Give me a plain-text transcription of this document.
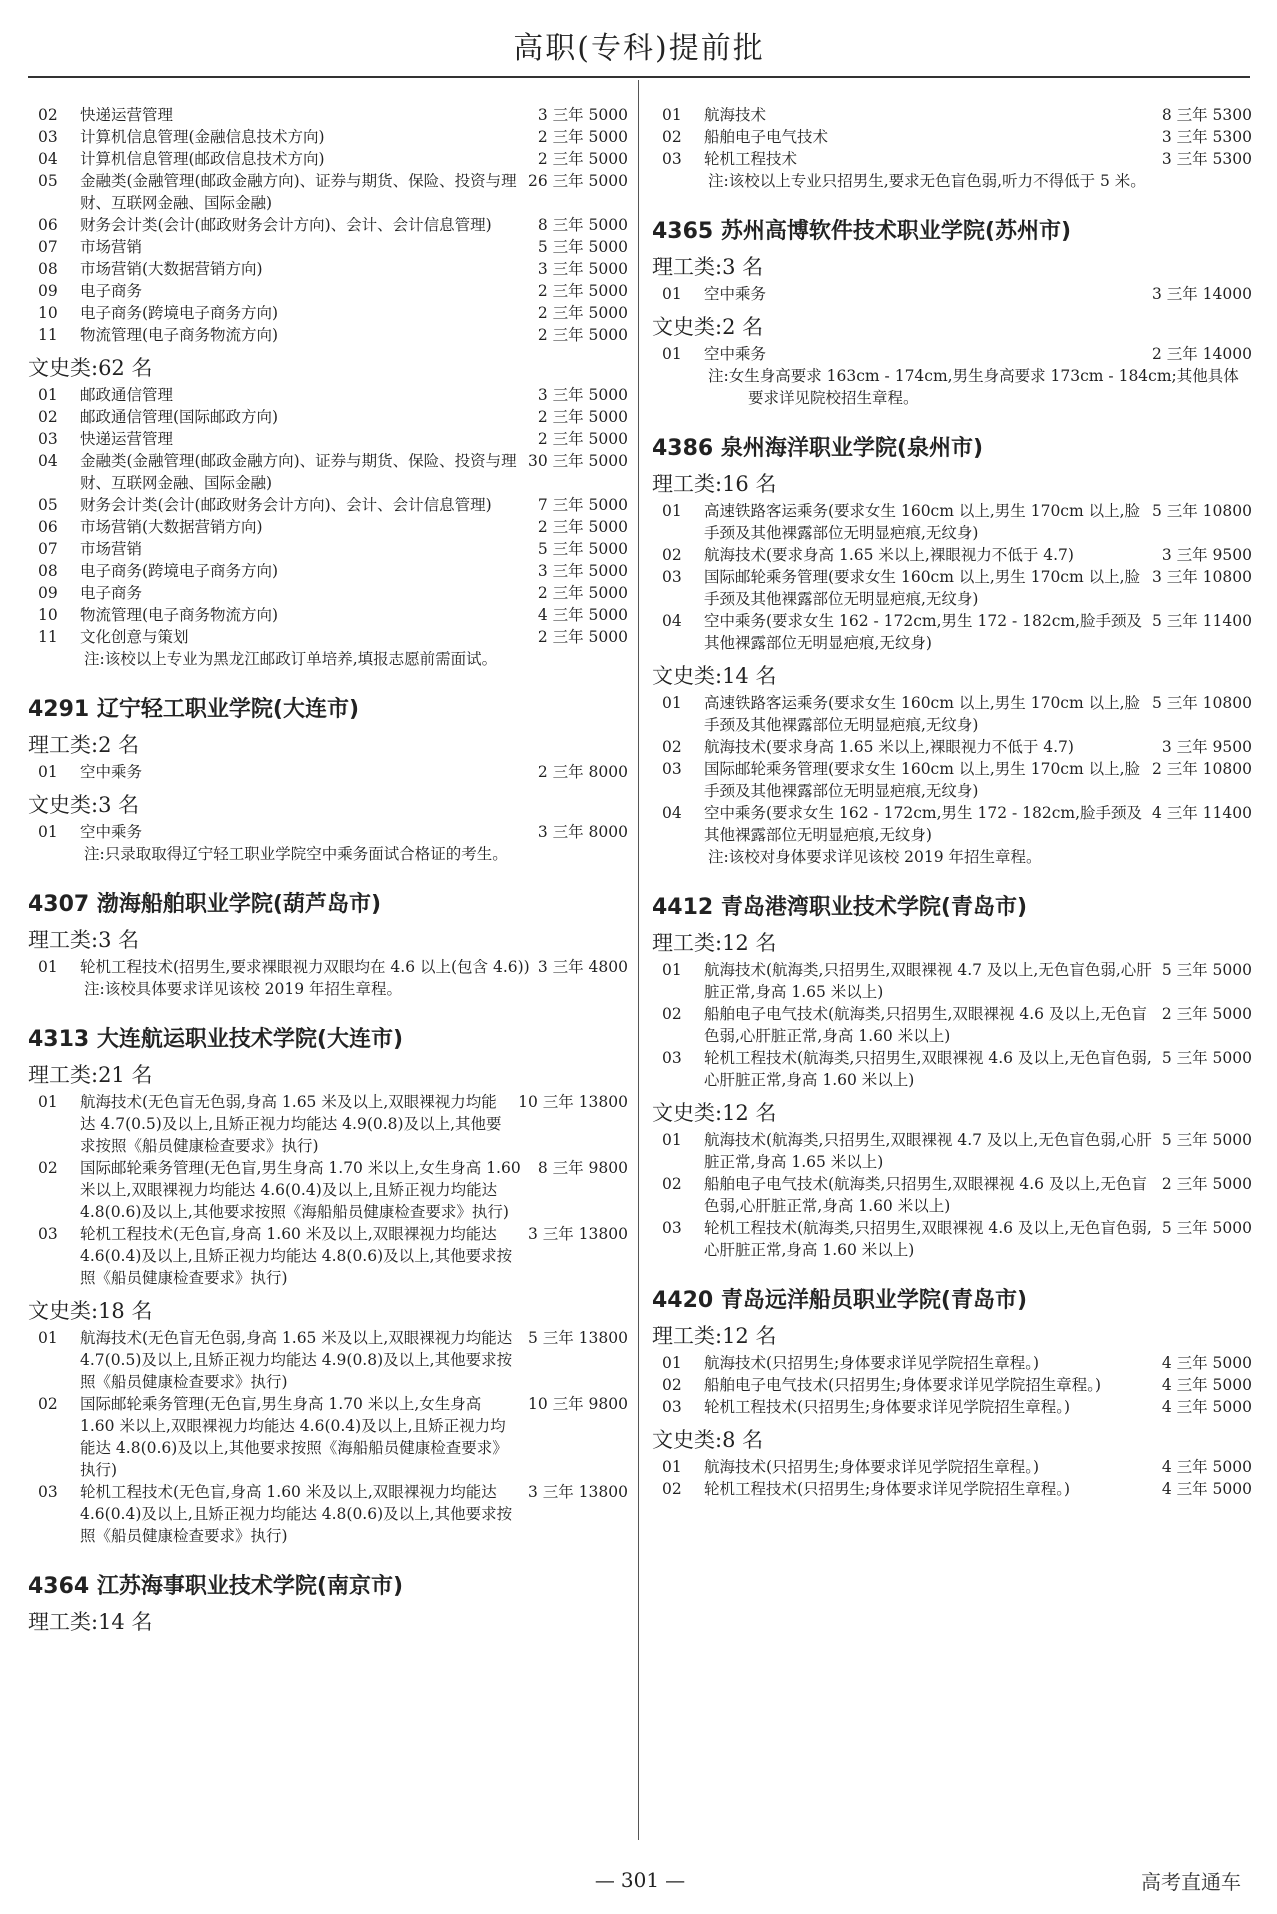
高职(专科)提前批
02	快递运营管理	3 三年 5000
03	计算机信息管理(金融信息技术方向)	2 三年 5000
04	计算机信息管理(邮政信息技术方向)	2 三年 5000
05	金融类(金融管理(邮政金融方向)、证券与期货、保险、投资与理财、互联网金融、国际金融)
26 三年 5000
06	财务会计类(会计(邮政财务会计方向)、会计、会计信息管理)	8 三年 5000
07	市场营销	5 三年 5000
08	市场营销(大数据营销方向)	3 三年 5000
09	电子商务	2 三年 5000
10	电子商务(跨境电子商务方向)	2 三年 5000
11	物流管理(电子商务物流方向)	2 三年 5000
文史类:62 名
01	邮政通信管理	3 三年 5000
02	邮政通信管理(国际邮政方向)	2 三年 5000
03	快递运营管理	2 三年 5000
04	金融类(金融管理(邮政金融方向)、证券与期货、保险、投资与理财、互联网金融、国际金融)
30 三年 5000
05	财务会计类(会计(邮政财务会计方向)、会计、会计信息管理)	7 三年 5000
06	市场营销(大数据营销方向)	2 三年 5000
07	市场营销	5 三年 5000
08	电子商务(跨境电子商务方向)	3 三年 5000
09	电子商务	2 三年 5000
10	物流管理(电子商务物流方向)	4 三年 5000
11	文化创意与策划	2 三年 5000
注:该校以上专业为黑龙江邮政订单培养,填报志愿前需面试。
4291 辽宁轻工职业学院(大连市)
理工类:2 名
01	空中乘务	2 三年 8000
文史类:3 名
01	空中乘务	3 三年 8000
注:只录取取得辽宁轻工职业学院空中乘务面试合格证的考生。
4307 渤海船舶职业学院(葫芦岛市)
理工类:3 名
01	轮机工程技术(招男生,要求裸眼视力双眼均在 4.6 以上(包含 4.6)) 3 三年 4800
注:该校具体要求详见该校 2019 年招生章程。
4313 大连航运职业技术学院(大连市)
理工类:21 名
01	航海技术(无色盲无色弱,身高 1.65 米及以上,双眼裸视力均能达 4.7(0.5)及以上,且矫正视力均能达 4.9(0.8)及以上,其他要求按照《船员健康检查要求》执行)
10 三年 13800
02	国际邮轮乘务管理(无色盲,男生身高 1.70 米以上,女生身高 1.60 米以上,双眼裸视力均能达 4.6(0.4)及以上,且矫正视力均能达 4.8(0.6)及以上,其他要求按照《海船船员健康检查要求》执行)
8 三年 9800
03	轮机工程技术(无色盲,身高 1.60 米及以上,双眼裸视力均能达 4.6(0.4)及以上,且矫正视力均能达 4.8(0.6)及以上,其他要求按照《船员健康检查要求》执行)
3 三年 13800
文史类:18 名
01	航海技术(无色盲无色弱,身高 1.65 米及以上,双眼裸视力均能达 4.7(0.5)及以上,且矫正视力均能达 4.9(0.8)及以上,其他要求按照《船员健康检查要求》执行)
5 三年 13800
02	国际邮轮乘务管理(无色盲,男生身高 1.70 米以上,女生身高 1.60 米以上,双眼裸视力均能达 4.6(0.4)及以上,且矫正视力均能达 4.8(0.6)及以上,其他要求按照《海船船员健康检查要求》执行)
10 三年 9800
03	轮机工程技术(无色盲,身高 1.60 米及以上,双眼裸视力均能达 4.6(0.4)及以上,且矫正视力均能达 4.8(0.6)及以上,其他要求按照《船员健康检查要求》执行)
3 三年 13800
4364 江苏海事职业技术学院(南京市)
理工类:14 名
01	航海技术	8 三年 5300
02	船舶电子电气技术	3 三年 5300
03	轮机工程技术	3 三年 5300
注:该校以上专业只招男生,要求无色盲色弱,听力不得低于 5 米。
4365 苏州高博软件技术职业学院(苏州市)
理工类:3 名
01	空中乘务	3 三年 14000
文史类:2 名
01	空中乘务	2 三年 14000
注:女生身高要求 163cm - 174cm,男生身高要求 173cm - 184cm;其他具体要求详见院校招生章程。
4386 泉州海洋职业学院(泉州市)
理工类:16 名
01	高速铁路客运乘务(要求女生 160cm 以上,男生 170cm 以上,脸手颈及其他裸露部位无明显疤痕,无纹身)
5 三年 10800
02	航海技术(要求身高 1.65 米以上,裸眼视力不低于 4.7)	3 三年 9500
03	国际邮轮乘务管理(要求女生 160cm 以上,男生 170cm 以上,脸手颈及其他裸露部位无明显疤痕,无纹身)
3 三年 10800
04	空中乘务(要求女生 162 - 172cm,男生 172 - 182cm,脸手颈及其他裸露部位无明显疤痕,无纹身)
5 三年 11400
文史类:14 名
01	高速铁路客运乘务(要求女生 160cm 以上,男生 170cm 以上,脸手颈及其他裸露部位无明显疤痕,无纹身)
5 三年 10800
02	航海技术(要求身高 1.65 米以上,裸眼视力不低于 4.7)	3 三年 9500
03	国际邮轮乘务管理(要求女生 160cm 以上,男生 170cm 以上,脸手颈及其他裸露部位无明显疤痕,无纹身)
2 三年 10800
04	空中乘务(要求女生 162 - 172cm,男生 172 - 182cm,脸手颈及其他裸露部位无明显疤痕,无纹身)
4 三年 11400
注:该校对身体要求详见该校 2019 年招生章程。
4412 青岛港湾职业技术学院(青岛市)
理工类:12 名
01	航海技术(航海类,只招男生,双眼裸视 4.7 及以上,无色盲色弱,心肝脏正常,身高 1.65 米以上)
5 三年 5000
02	船舶电子电气技术(航海类,只招男生,双眼裸视 4.6 及以上,无色盲色弱,心肝脏正常,身高 1.60 米以上)
2 三年 5000
03	轮机工程技术(航海类,只招男生,双眼裸视 4.6 及以上,无色盲色弱,心肝脏正常,身高 1.60 米以上)
5 三年 5000
文史类:12 名
01	航海技术(航海类,只招男生,双眼裸视 4.7 及以上,无色盲色弱,心肝脏正常,身高 1.65 米以上)
5 三年 5000
02	船舶电子电气技术(航海类,只招男生,双眼裸视 4.6 及以上,无色盲色弱,心肝脏正常,身高 1.60 米以上)
2 三年 5000
03	轮机工程技术(航海类,只招男生,双眼裸视 4.6 及以上,无色盲色弱,心肝脏正常,身高 1.60 米以上)
5 三年 5000
4420 青岛远洋船员职业学院(青岛市)
理工类:12 名
01	航海技术(只招男生;身体要求详见学院招生章程。)	4 三年 5000
02	船舶电子电气技术(只招男生;身体要求详见学院招生章程。)	4 三年 5000
03	轮机工程技术(只招男生;身体要求详见学院招生章程。)	4 三年 5000
文史类:8 名
01	航海技术(只招男生;身体要求详见学院招生章程。)	4 三年 5000
02	轮机工程技术(只招男生;身体要求详见学院招生章程。)	4 三年 5000
— 301 —	高考直通车
